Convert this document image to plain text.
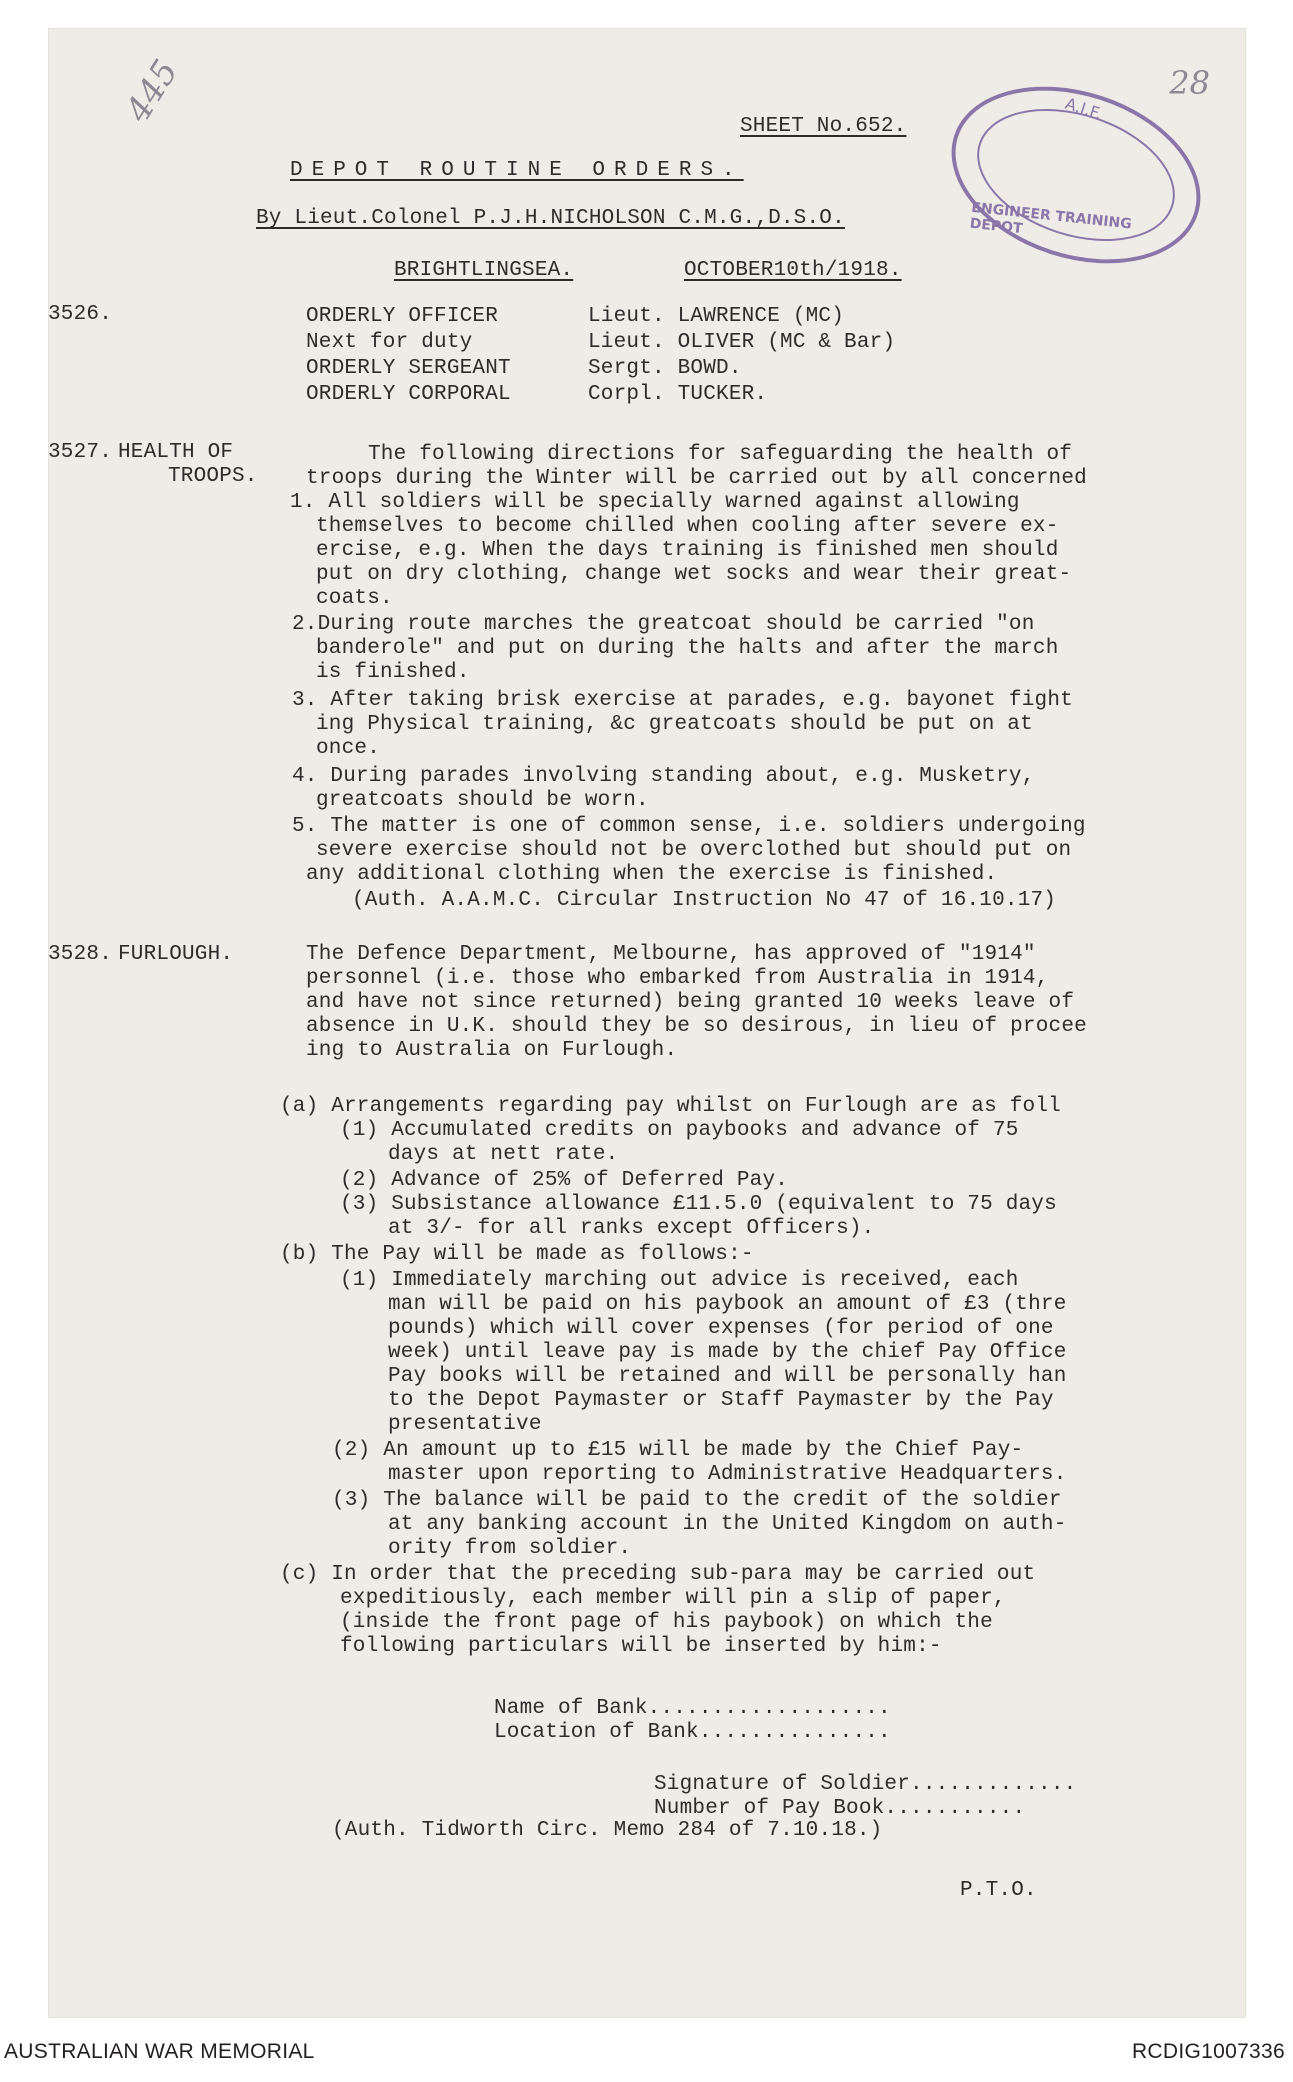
445	28
A.I.F.
ENGINEER TRAINING DEPOT
SHEET No.652.
DEPOT ROUTINE ORDERS.
By Lieut.Colonel P.J.H.NICHOLSON C.M.G.,D.S.O.
BRIGHTLINGSEA.	OCTOBER10th/1918.
3526.	ORDERLY OFFICER	Lieut. LAWRENCE (MC)
Next for duty	Lieut. OLIVER (MC & Bar)
ORDERLY SERGEANT	Sergt. BOWD.
ORDERLY CORPORAL	Corpl. TUCKER.
3527. HEALTH OF
TROOPS.
The following directions for safeguarding the health of
troops during the Winter will be carried out by all concerned
1. All soldiers will be specially warned against allowing
themselves to become chilled when cooling after severe ex-
ercise, e.g. When the days training is finished men should
put on dry clothing, change wet socks and wear their great-
coats.
2.During route marches the greatcoat should be carried "on
banderole" and put on during the halts and after the march
is finished.
3. After taking brisk exercise at parades, e.g. bayonet fight
ing Physical training, &c greatcoats should be put on at
once.
4. During parades involving standing about, e.g. Musketry,
greatcoats should be worn.
5. The matter is one of common sense, i.e. soldiers undergoing
severe exercise should not be overclothed but should put on
any additional clothing when the exercise is finished.
(Auth. A.A.M.C. Circular Instruction No 47 of 16.10.17)
3528. FURLOUGH.	The Defence Department, Melbourne, has approved of "1914"
personnel (i.e. those who embarked from Australia in 1914,
and have not since returned) being granted 10 weeks leave of
absence in U.K. should they be so desirous, in lieu of procee
ing to Australia on Furlough.
(a) Arrangements regarding pay whilst on Furlough are as foll
(1) Accumulated credits on paybooks and advance of 75
days at nett rate.
(2) Advance of 25% of Deferred Pay.
(3) Subsistance allowance £11.5.0 (equivalent to 75 days
at 3/- for all ranks except Officers).
(b) The Pay will be made as follows:-
(1) Immediately marching out advice is received, each
man will be paid on his paybook an amount of £3 (thre
pounds) which will cover expenses (for period of one
week) until leave pay is made by the chief Pay Office
Pay books will be retained and will be personally han
to the Depot Paymaster or Staff Paymaster by the Pay
presentative
(2) An amount up to £15 will be made by the Chief Pay-
master upon reporting to Administrative Headquarters.
(3) The balance will be paid to the credit of the soldier
at any banking account in the United Kingdom on auth-
ority from soldier.
(c) In order that the preceding sub-para may be carried out
expeditiously, each member will pin a slip of paper,
(inside the front page of his paybook) on which the
following particulars will be inserted by him:-
Name of Bank...................
Location of Bank...............
Signature of Soldier.............
Number of Pay Book...........
(Auth. Tidworth Circ. Memo 284 of 7.10.18.)
P.T.O.
AUSTRALIAN WAR MEMORIAL	RCDIG1007336
